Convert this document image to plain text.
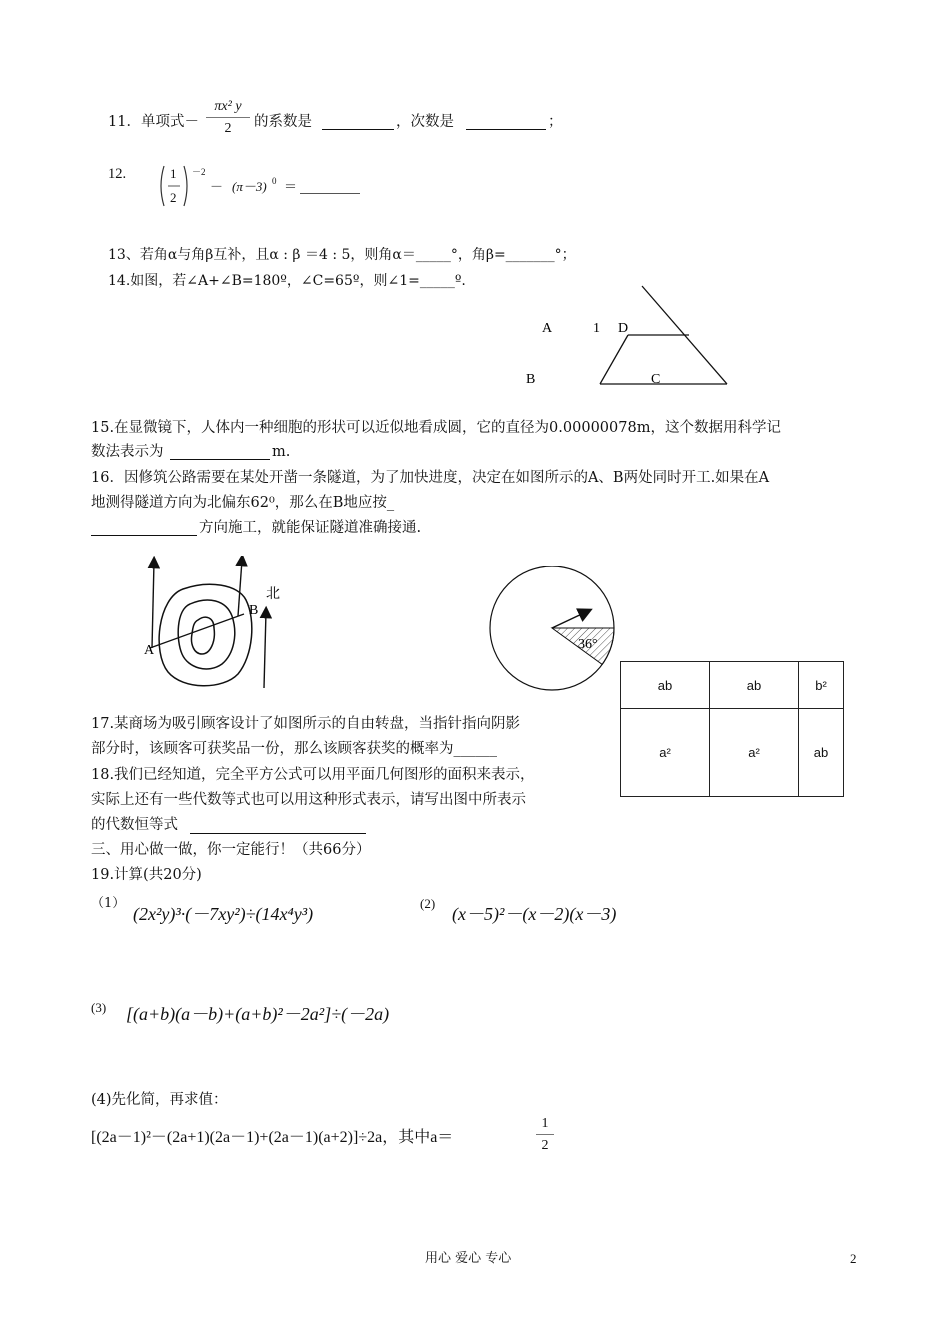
11．单项式－ $\frac{\text{πx² y}}{2}$ 的系数是	，次数是	；
12.	1
2
－2
－ (π－3) 0 ＝
13、若角α与角β互补，且α : β ＝4 : 5，则角α＝_____°，角β=_______°；
14.如图，若∠A+∠B=180º，∠C=65º，则∠1=_____º.
A	1 D
B	C
15.在显微镜下，人体内一种细胞的形状可以近似地看成圆，它的直径为0.00000078m，这个数据用科学记
数法表示为	m.
16．因修筑公路需要在某处开凿一条隧道，为了加快进度，决定在如图所示的A、B两处同时开工.如果在A
地测得隧道方向为北偏东62⁰，那么在B地应按_
方向施工，就能保证隧道准确接通.
A
B
北
36°
ab	ab	b²
a²	a²	ab
17.某商场为吸引顾客设计了如图所示的自由转盘，当指针指向阴影
部分时，该顾客可获奖品一份，那么该顾客获奖的概率为______
18.我们已经知道，完全平方公式可以用平面几何图形的面积来表示，
实际上还有一些代数等式也可以用这种形式表示，请写出图中所表示
的代数恒等式
三、用心做一做，你一定能行！（共66分）
19.计算(共20分)
（1）
(2x²y)³·(－7xy²)÷(14x⁴y³)
(2)
(x－5)²－(x－2)(x－3)
(3) [(a+b)(a－b)+(a+b)²－2a²]÷(－2a)
(4)先化简，再求值：
[(2a－1)²－(2a+1)(2a－1)+(2a－1)(a+2)]÷2a，其中a＝	$\frac{1}{2}$
用心 爱心 专心	2
